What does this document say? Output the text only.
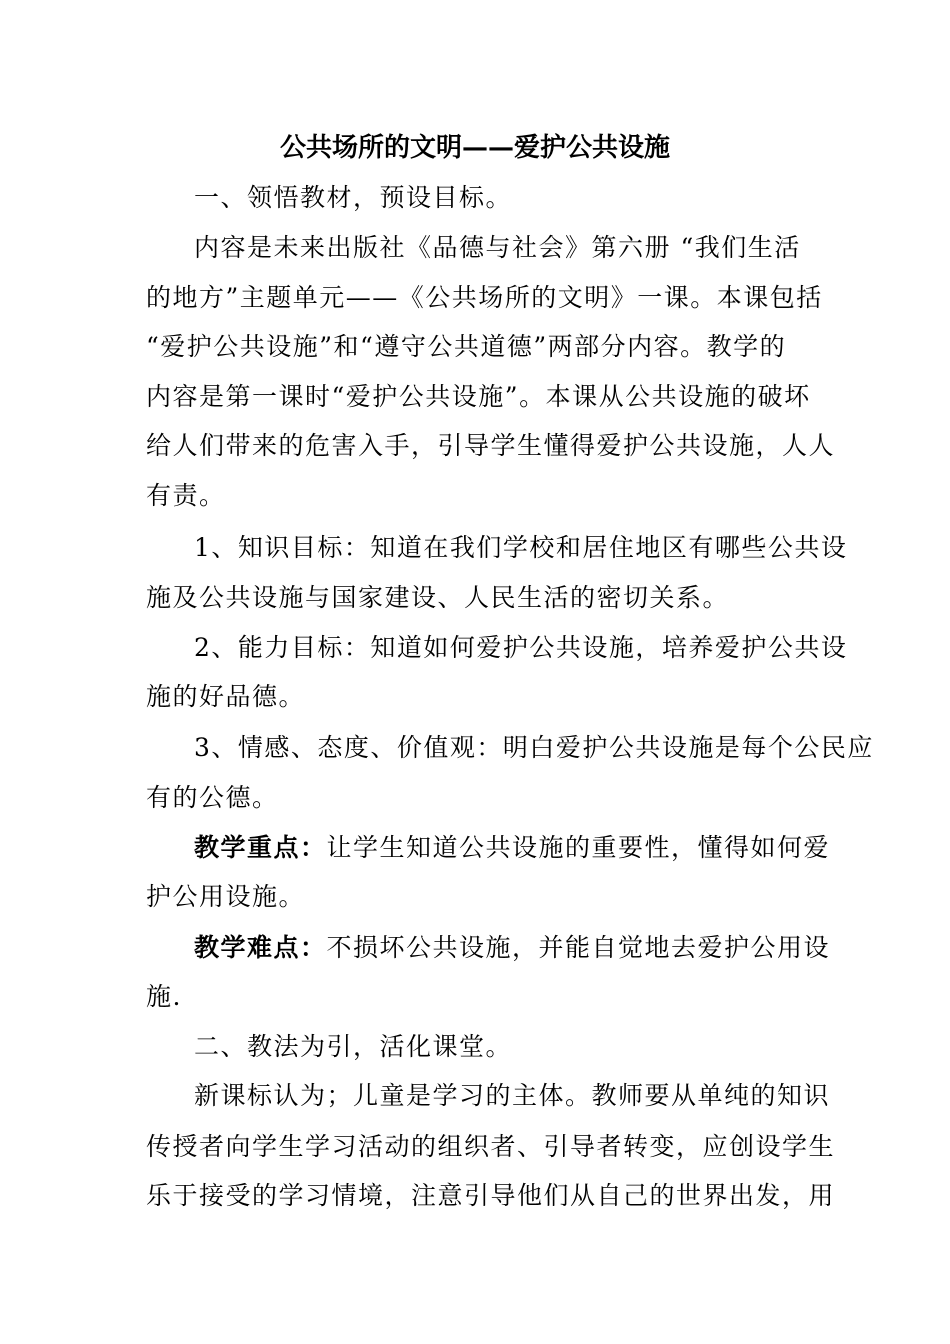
公共场所的文明——爱护公共设施
一、领悟教材，预设目标。
内容是未来出版社《品德与社会》第六册 “我们生活
的地方”主题单元——《公共场所的文明》一课。本课包括
“爱护公共设施”和“遵守公共道德”两部分内容。教学的
内容是第一课时“爱护公共设施”。本课从公共设施的破坏
给人们带来的危害入手，引导学生懂得爱护公共设施，人人
有责。
1、知识目标：知道在我们学校和居住地区有哪些公共设
施及公共设施与国家建设、人民生活的密切关系。
2、能力目标：知道如何爱护公共设施，培养爱护公共设
施的好品德。
3、情感、态度、价值观：明白爱护公共设施是每个公民应
有的公德。
教学重点：让学生知道公共设施的重要性，懂得如何爱
护公用设施。
教学难点：不损坏公共设施，并能自觉地去爱护公用设
施.
二、教法为引，活化课堂。
新课标认为；儿童是学习的主体。教师要从单纯的知识
传授者向学生学习活动的组织者、引导者转变，应创设学生
乐于接受的学习情境，注意引导他们从自己的世界出发，用
